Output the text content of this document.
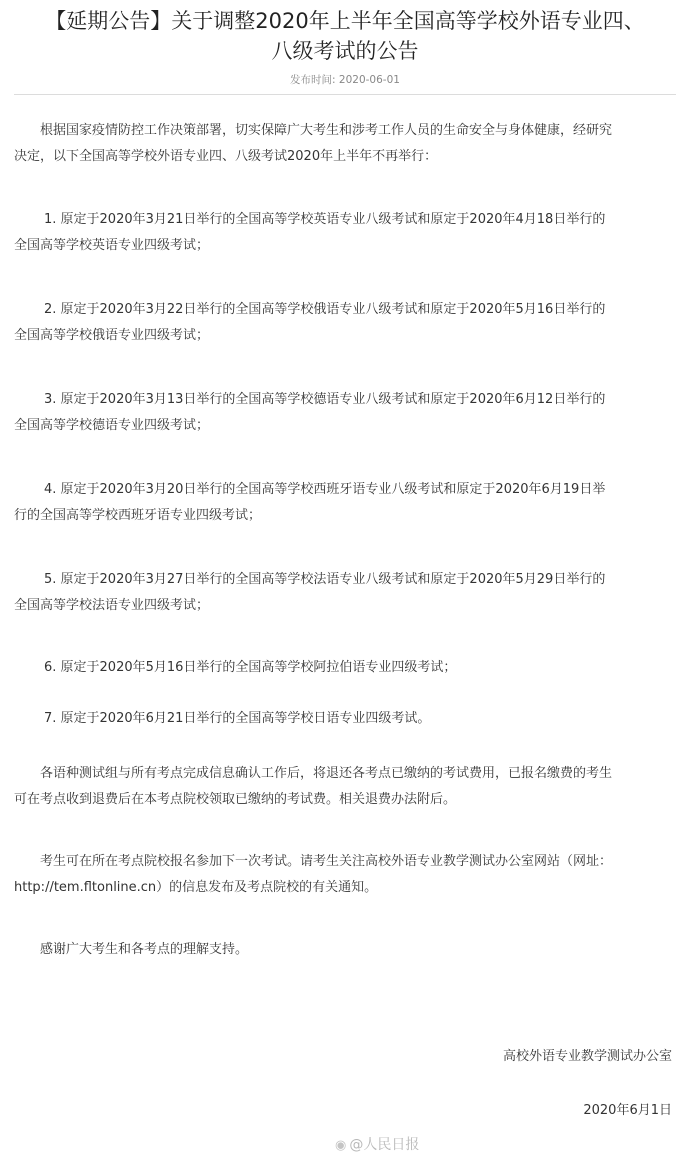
【延期公告】关于调整2020年上半年全国高等学校外语专业四、
八级考试的公告
发布时间: 2020-06-01
根据国家疫情防控工作决策部署，切实保障广大考生和涉考工作人员的生命安全与身体健康，经研究
决定，以下全国高等学校外语专业四、八级考试2020年上半年不再举行：
1. 原定于2020年3月21日举行的全国高等学校英语专业八级考试和原定于2020年4月18日举行的
全国高等学校英语专业四级考试；
2. 原定于2020年3月22日举行的全国高等学校俄语专业八级考试和原定于2020年5月16日举行的
全国高等学校俄语专业四级考试；
3. 原定于2020年3月13日举行的全国高等学校德语专业八级考试和原定于2020年6月12日举行的
全国高等学校德语专业四级考试；
4. 原定于2020年3月20日举行的全国高等学校西班牙语专业八级考试和原定于2020年6月19日举
行的全国高等学校西班牙语专业四级考试；
5. 原定于2020年3月27日举行的全国高等学校法语专业八级考试和原定于2020年5月29日举行的
全国高等学校法语专业四级考试；
6. 原定于2020年5月16日举行的全国高等学校阿拉伯语专业四级考试；
7. 原定于2020年6月21日举行的全国高等学校日语专业四级考试。
各语种测试组与所有考点完成信息确认工作后，将退还各考点已缴纳的考试费用，已报名缴费的考生
可在考点收到退费后在本考点院校领取已缴纳的考试费。相关退费办法附后。
考生可在所在考点院校报名参加下一次考试。请考生关注高校外语专业教学测试办公室网站（网址：
http://tem.fltonline.cn）的信息发布及考点院校的有关通知。
感谢广大考生和各考点的理解支持。
高校外语专业教学测试办公室
2020年6月1日
◉ @人民日报
